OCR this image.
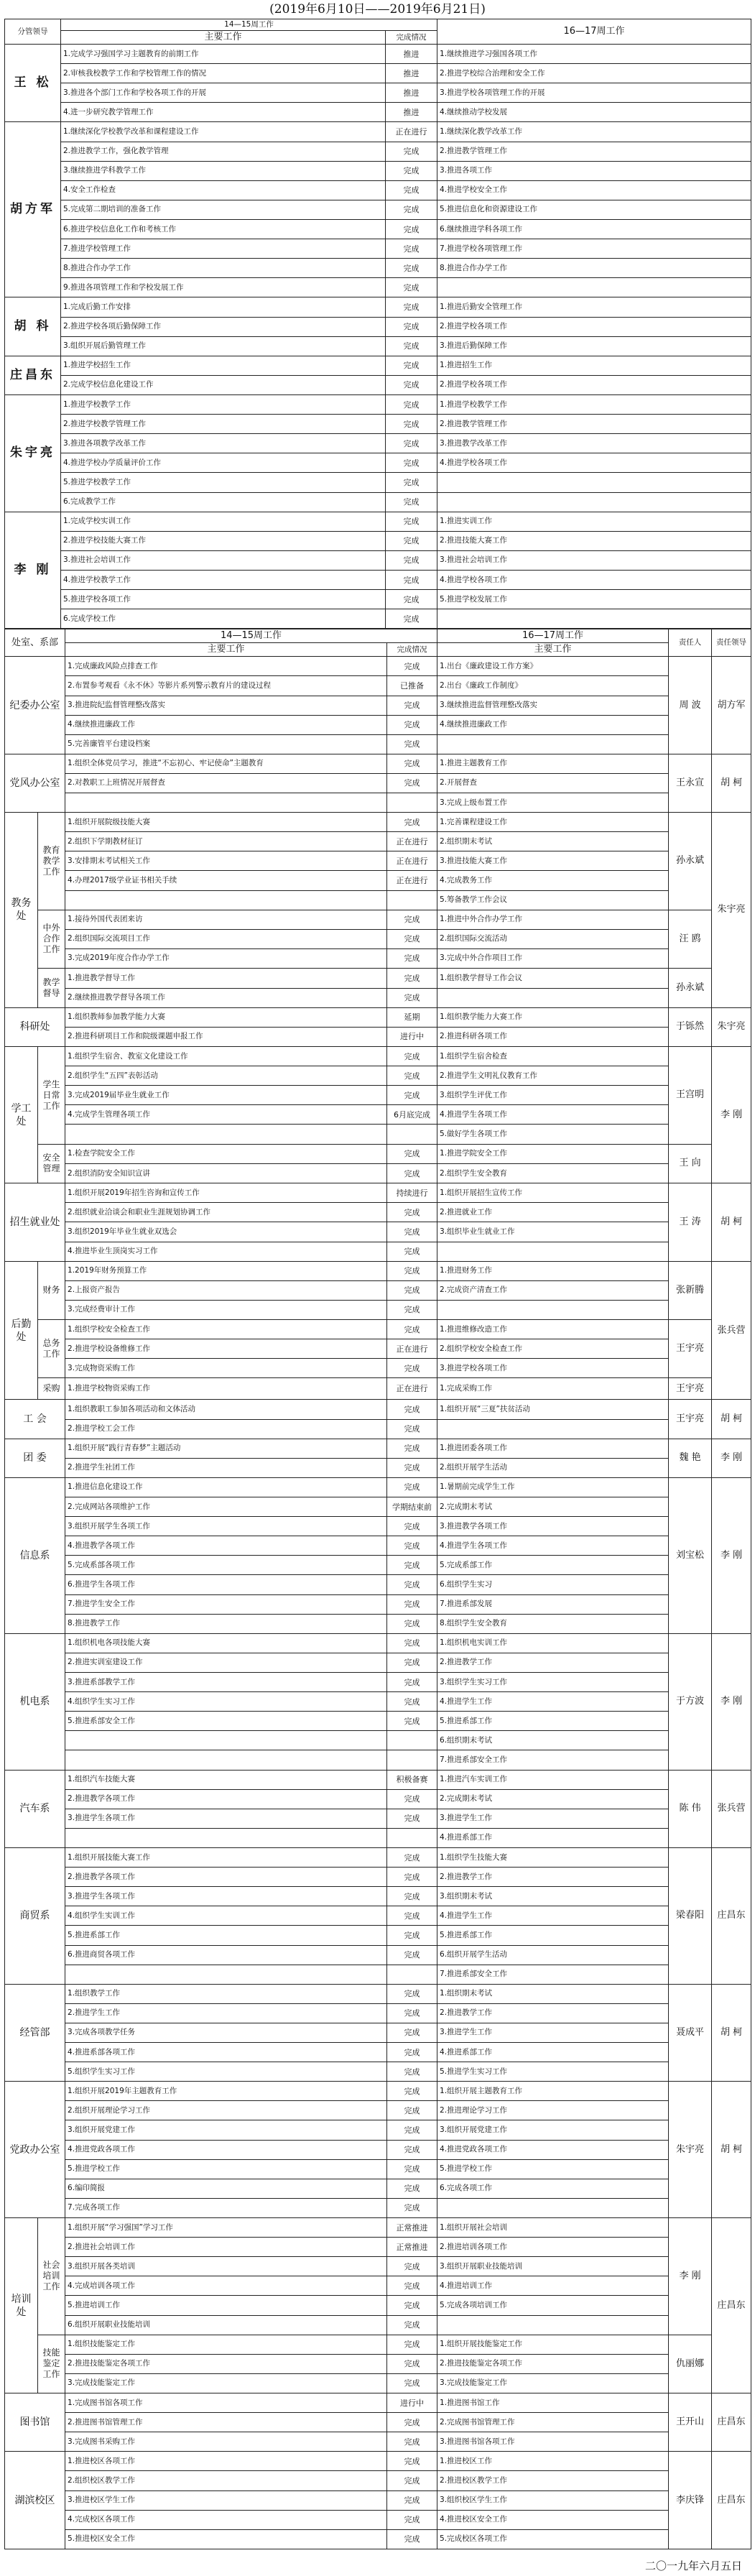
(2019年6月10日——2019年6月21日)
分管领导	14—15周工作		16—17周工作
	主要工作	完成情况	
王 松	1.完成学习强国学习主题教育的前期工作	推进	1.继续推进学习强国各项工作
	2.审核我校教学工作和学校管理工作的情况	推进	2.推进学校综合治理和安全工作
	3.推进各个部门工作和学校各项工作的开展	推进	3.推进学校各项管理工作的开展
	4.进一步研究教学管理工作	推进	4.继续推动学校发展
胡方军	1.继续深化学校教学改革和课程建设工作	正在进行	1.继续深化教学改革工作
	2.推进教学工作，强化教学管理	完成	2.推进教学管理工作
	3.继续推进学科教学工作	完成	3.推进各项工作
	4.安全工作检查	完成	4.推进学校安全工作
	5.完成第二期培训的准备工作	完成	5.推进信息化和资源建设工作
	6.推进学校信息化工作和考核工作	完成	6.继续推进学科各项工作
	7.推进学校管理工作	完成	7.推进学校各项管理工作
	8.推进合作办学工作	完成	8.推进合作办学工作
	9.推进各项管理工作和学校发展工作	完成	
胡 科	1.完成后勤工作安排	完成	1.推进后勤安全管理工作
	2.推进学校各项后勤保障工作	完成	2.推进学校各项工作
	3.组织开展后勤管理工作	完成	3.推进后勤保障工作
庄昌东	1.推进学校招生工作	完成	1.推进招生工作
	2.完成学校信息化建设工作	完成	2.推进学校各项工作
朱宇亮	1.推进学校教学工作	完成	1.推进学校教学工作
	2.推进学校教学管理工作	完成	2.推进教学管理工作
	3.推进各项教学改革工作	完成	3.推进教学改革工作
	4.推进学校办学质量评价工作	完成	4.推进学校各项工作
	5.推进学校教学工作	完成	
	6.完成教学工作	完成	
李 刚	1.完成学校实训工作	完成	1.推进实训工作
	2.推进学校技能大赛工作	完成	2.推进技能大赛工作
	3.推进社会培训工作	完成	3.推进社会培训工作
	4.推进学校教学工作	完成	4.推进学校各项工作
	5.推进学校各项工作	完成	5.推进学校发展工作
	6.完成学校工作	完成	
处室、系部		14—15周工作		16—17周工作	责任人	责任领导
		主要工作	完成情况	主要工作		
纪委办公室		1.完成廉政风险点排查工作	完成	1.出台《廉政建设工作方案》	周 波	胡方军
		2.布置参考观看《永不休》等影片系列警示教育片的建设过程	已推备	2.出台《廉政工作制度》		
		3.推进院纪监督管理整改落实	完成	3.继续推进监督管理整改落实		
		4.继续推进廉政工作	完成	4.继续推进廉政工作		
		5.完善廉管平台建设档案	完成			
党风办公室		1.组织全体党员学习，推进“不忘初心、牢记使命”主题教育	完成	1.推进主题教育工作	王永宣	胡 柯
		2.对教职工上班情况开展督查	完成	2.开展督查		
				3.完成上级布置工作		
教务处	教育教学工作	1.组织开展院级技能大赛	完成	1.完善课程建设工作	孙永斌	朱宇亮
		2.组织下学期教材征订	正在进行	2.组织期末考试		
		3.安排期末考试相关工作	正在进行	3.推进技能大赛工作		
		4.办理2017级学业证书相关手续	正在进行	4.完成教务工作		
				5.筹备教学工作会议		
	中外合作工作	1.接待外国代表团来访	完成	1.推进中外合作办学工作	汪 鸥	
		2.组织国际交流项目工作	完成	2.组织国际交流活动		
		3.完成2019年度合作办学工作	完成	3.完成中外合作项目工作		
	教学督导	1.推进教学督导工作	完成	1.组织教学督导工作会议	孙永斌	
		2.继续推进教学督导各项工作	完成			
科研处		1.组织教师参加教学能力大赛	延期	1.组织教学能力大赛工作	于铄然	朱宇亮
		2.推进科研项目工作和院级课题申报工作	进行中	2.推进科研各项工作		
学工处	学生日常工作	1.组织学生宿舍、教室文化建设工作	完成	1.组织学生宿舍检查	王宫明	李 刚
		2.组织学生“五四”表彰活动	完成	2.推进学生文明礼仪教育工作		
		3.完成2019届毕业生就业工作	完成	3.组织学生评优工作		
		4.完成学生管理各项工作	6月底完成	4.推进学生各项工作		
				5.做好学生各项工作		
	安全管理	1.检查学院安全工作	完成	1.推进学院安全工作	王 向	
		2.组织消防安全知识宣讲	完成	2.组织学生安全教育		
招生就业处		1.组织开展2019年招生咨询和宣传工作	持续进行	1.组织开展招生宣传工作	王 涛	胡 柯
		2.组织就业洽谈会和职业生涯规划协调工作	完成	2.推进就业工作		
		3.组织2019年毕业生就业双选会	完成	3.组织毕业生就业工作		
		4.推进毕业生顶岗实习工作	完成			
后勤处	财务	1.2019年财务预算工作	完成	1.推进财务工作	张新腾	张兵营
		2.上报资产报告	完成	2.完成资产清查工作		
		3.完成经费审计工作	完成			
	总务工作	1.组织学校安全检查工作	完成	1.推进维修改造工作	王宇亮	
		2.推进学校设备维修工作	正在进行	2.组织学校安全检查工作		
		3.完成物资采购工作	完成	3.推进学校各项工作		
	采购	1.推进学校物资采购工作	正在进行	1.完成采购工作	王宇亮	
工 会		1.组织教职工参加各项活动和文体活动	完成	1.组织开展“三夏”扶贫活动	王宇亮	胡 柯
		2.推进学校工会工作	完成			
团 委		1.组织开展“践行青春梦”主题活动	完成	1.推进团委各项工作	魏 艳	李 刚
		2.推进学生社团工作	完成	2.组织开展学生活动		
信息系		1.推进信息化建设工作	完成	1.暑期前完成学生工作	刘宝松	李 刚
		2.完成网站各项维护工作	学期结束前	2.完成期末考试		
		3.组织开展学生各项工作	完成	3.推进教学各项工作		
		4.推进教学各项工作	完成	4.推进学生各项工作		
		5.完成系部各项工作	完成	5.完成系部工作		
		6.推进学生各项工作	完成	6.组织学生实习		
		7.推进学生安全工作	完成	7.推进系部发展		
		8.推进教学工作	完成	8.组织学生安全教育		
机电系		1.组织机电各项技能大赛	完成	1.组织机电实训工作	于方波	李 刚
		2.推进实训室建设工作	完成	2.推进教学工作		
		3.推进系部教学工作	完成	3.组织学生实习工作		
		4.组织学生实习工作	完成	4.推进学生工作		
		5.推进系部安全工作	完成	5.推进系部工作		
				6.组织期末考试		
				7.推进系部安全工作		
汽车系		1.组织汽车技能大赛	积极备赛	1.推进汽车实训工作	陈 伟	张兵营
		2.推进教学各项工作	完成	2.完成期末考试		
		3.推进学生各项工作	完成	3.推进学生工作		
				4.推进系部工作		
商贸系		1.组织开展技能大赛工作	完成	1.组织学生技能大赛	梁春阳	庄昌东
		2.推进教学各项工作	完成	2.推进教学工作		
		3.推进学生各项工作	完成	3.组织期末考试		
		4.组织学生实训工作	完成	4.推进学生工作		
		5.推进系部工作	完成	5.推进系部工作		
		6.推进商贸各项工作	完成	6.组织开展学生活动		
				7.推进系部安全工作		
经管部		1.组织教学工作	完成	1.组织期末考试	聂成平	胡 柯
		2.推进学生工作	完成	2.推进教学工作		
		3.完成各项教学任务	完成	3.推进学生工作		
		4.推进系部各项工作	完成	4.推进系部工作		
		5.组织学生实习工作	完成	5.推进学生实习工作		
党政办公室		1.组织开展2019年主题教育工作	完成	1.组织开展主题教育工作	朱宇亮	胡 柯
		2.组织开展理论学习工作	完成	2.推进理论学习工作		
		3.组织开展党建工作	完成	3.组织开展党建工作		
		4.推进党政各项工作	完成	4.推进党政各项工作		
		5.推进学校工作	完成	5.推进学校工作		
		6.编印简报	完成	6.完成各项工作		
		7.完成各项工作	完成			
培训处	社会培训工作	1.组织开展“学习强国”学习工作	正常推进	1.组织开展社会培训	李 刚	庄昌东
		2.推进社会培训工作	正常推进	2.推进培训各项工作		
		3.组织开展各类培训	完成	3.组织开展职业技能培训		
		4.完成培训各项工作	完成	4.推进培训工作		
		5.推进培训工作	完成	5.完成各项培训工作		
		6.组织开展职业技能培训	完成			
	技能鉴定工作	1.组织技能鉴定工作	完成	1.组织开展技能鉴定工作	仇丽娜	
		2.推进技能鉴定各项工作	完成	2.推进技能鉴定各项工作		
		3.完成技能鉴定工作	完成	3.完成技能鉴定工作		
图书馆		1.完成图书馆各项工作	进行中	1.推进图书馆工作	王开山	庄昌东
		2.推进图书馆管理工作	完成	2.完成图书馆管理工作		
		3.完成图书采购工作	完成	3.推进图书馆各项工作		
湖滨校区		1.推进校区各项工作	完成	1.推进校区工作	李庆锋	庄昌东
		2.组织校区教学工作	完成	2.推进校区教学工作		
		3.推进校区学生工作	完成	3.组织校区学生工作		
		4.完成校区各项工作	完成	4.推进校区安全工作		
		5.推进校区安全工作	完成	5.完成校区各项工作		
二〇一九年六月五日
